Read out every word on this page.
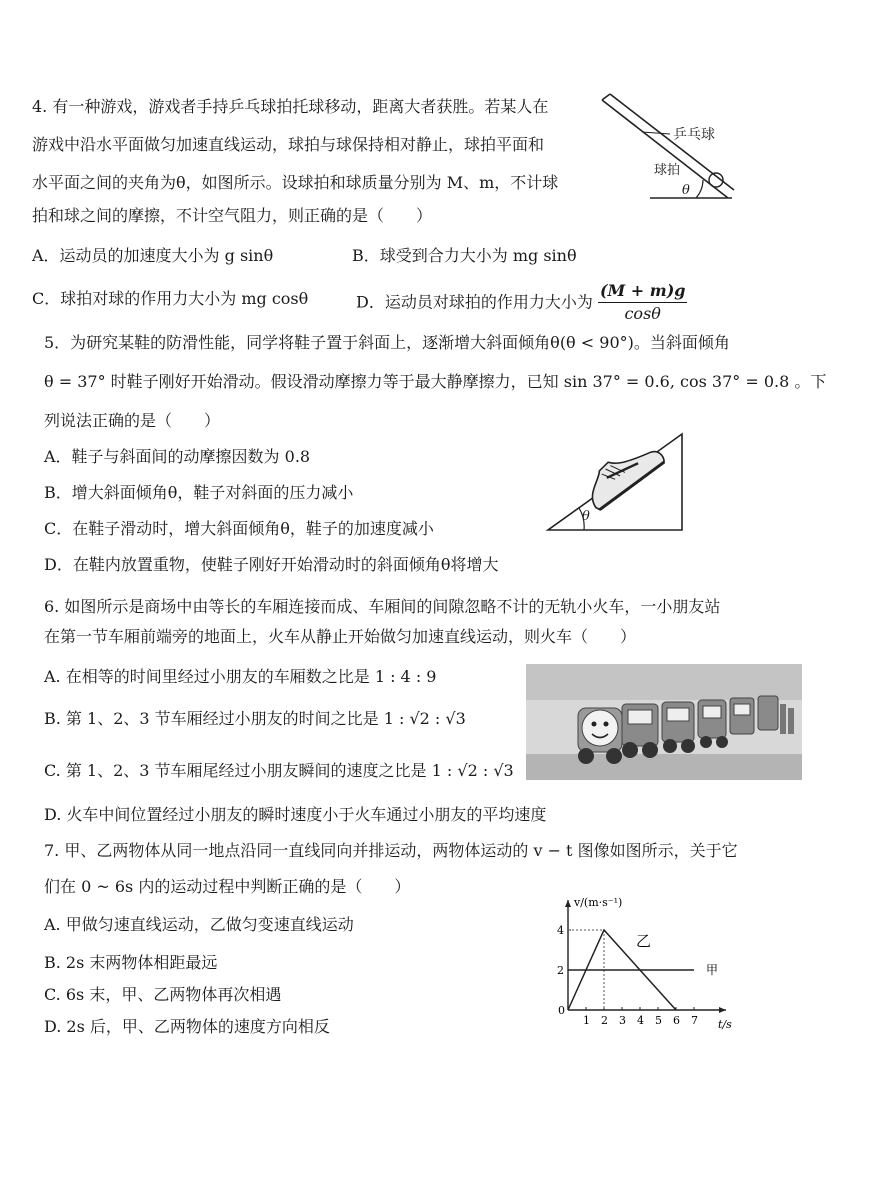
4. 有一种游戏，游戏者手持乒乓球拍托球移动，距离大者获胜。若某人在
游戏中沿水平面做匀加速直线运动，球拍与球保持相对静止，球拍平面和
水平面之间的夹角为θ，如图所示。设球拍和球质量分别为 M、m，不计球
拍和球之间的摩擦，不计空气阻力，则正确的是（　　）
A．运动员的加速度大小为 g sinθ	B．球受到合力大小为 mg sinθ
C．球拍对球的作用力大小为 mg cosθ	D．运动员对球拍的作用力大小为 $\frac{(M + m)g}{\cos\theta}$
乒乓球
球拍
θ
5．为研究某鞋的防滑性能，同学将鞋子置于斜面上，逐渐增大斜面倾角θ(θ < 90°)。当斜面倾角
θ = 37° 时鞋子刚好开始滑动。假设滑动摩擦力等于最大静摩擦力，已知 sin 37° = 0.6, cos 37° = 0.8 。下
列说法正确的是（　　）
A．鞋子与斜面间的动摩擦因数为 0.8
B．增大斜面倾角θ，鞋子对斜面的压力减小
C．在鞋子滑动时，增大斜面倾角θ，鞋子的加速度减小
D．在鞋内放置重物，使鞋子刚好开始滑动时的斜面倾角θ将增大
θ
6. 如图所示是商场中由等长的车厢连接而成、车厢间的间隙忽略不计的无轨小火车，一小朋友站
在第一节车厢前端旁的地面上，火车从静止开始做匀加速直线运动，则火车（　　）
A. 在相等的时间里经过小朋友的车厢数之比是 1 : 4 : 9
B. 第 1、2、3 节车厢经过小朋友的时间之比是 1 : √2 : √3
C. 第 1、2、3 节车厢尾经过小朋友瞬间的速度之比是 1 : √2 : √3
D. 火车中间位置经过小朋友的瞬时速度小于火车通过小朋友的平均速度
7. 甲、乙两物体从同一地点沿同一直线同向并排运动，两物体运动的 v − t 图像如图所示，关于它
们在 0 ~ 6s 内的运动过程中判断正确的是（　　）
A. 甲做匀速直线运动，乙做匀变速直线运动
B. 2s 末两物体相距最远
C. 6s 末，甲、乙两物体再次相遇
D. 2s 后，甲、乙两物体的速度方向相反	1 2 3 4 5 6 7
2
4
v/(m·s⁻¹)
t/s
0
乙
甲
